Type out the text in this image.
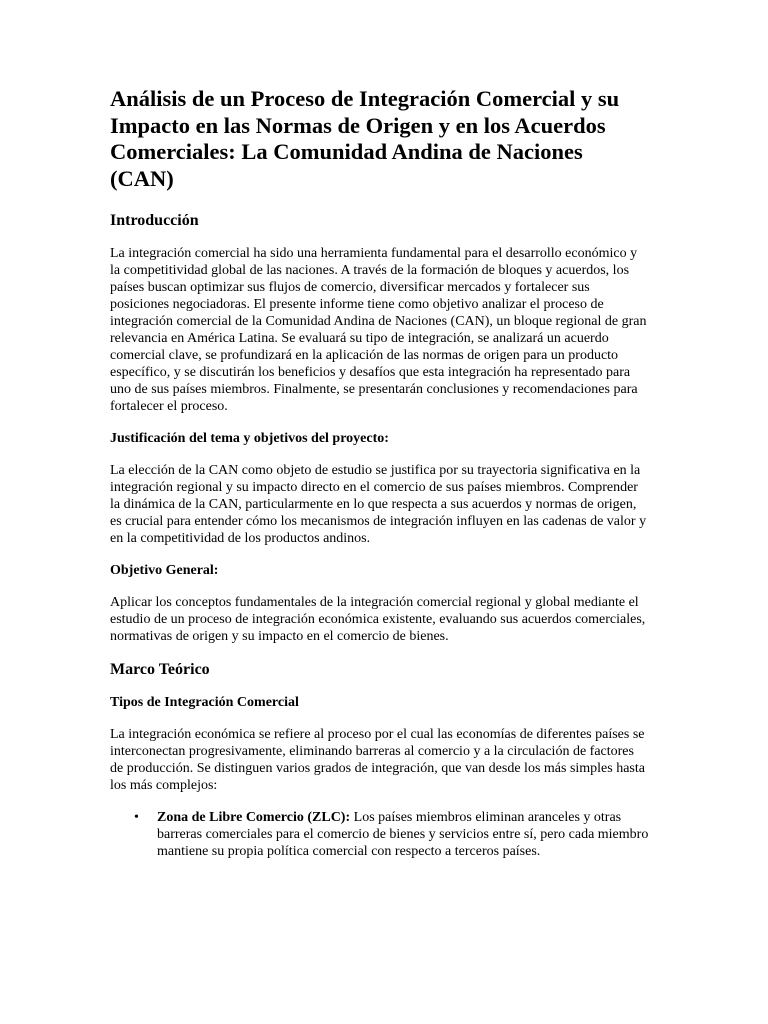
Análisis de un Proceso de Integración Comercial y su Impacto en las Normas de Origen y en los Acuerdos Comerciales: La Comunidad Andina de Naciones (CAN)
Introducción

La integración comercial ha sido una herramienta fundamental para el desarrollo económico y la competitividad global de las naciones. A través de la formación de bloques y acuerdos, los países buscan optimizar sus flujos de comercio, diversificar mercados y fortalecer sus posiciones negociadoras. El presente informe tiene como objetivo analizar el proceso de integración comercial de la Comunidad Andina de Naciones (CAN), un bloque regional de gran relevancia en América Latina. Se evaluará su tipo de integración, se analizará un acuerdo comercial clave, se profundizará en la aplicación de las normas de origen para un producto específico, y se discutirán los beneficios y desafíos que esta integración ha representado para uno de sus países miembros. Finalmente, se presentarán conclusiones y recomendaciones para fortalecer el proceso.

Justificación del tema y objetivos del proyecto:

La elección de la CAN como objeto de estudio se justifica por su trayectoria significativa en la integración regional y su impacto directo en el comercio de sus países miembros. Comprender la dinámica de la CAN, particularmente en lo que respecta a sus acuerdos y normas de origen, es crucial para entender cómo los mecanismos de integración influyen en las cadenas de valor y en la competitividad de los productos andinos.

Objetivo General:

Aplicar los conceptos fundamentales de la integración comercial regional y global mediante el estudio de un proceso de integración económica existente, evaluando sus acuerdos comerciales, normativas de origen y su impacto en el comercio de bienes.

Marco Teórico
Tipos de Integración Comercial

La integración económica se refiere al proceso por el cual las economías de diferentes países se interconectan progresivamente, eliminando barreras al comercio y a la circulación de factores de producción. Se distinguen varios grados de integración, que van desde los más simples hasta los más complejos:

• Zona de Libre Comercio (ZLC): Los países miembros eliminan aranceles y otras barreras comerciales para el comercio de bienes y servicios entre sí, pero cada miembro mantiene su propia política comercial con respecto a terceros países.
